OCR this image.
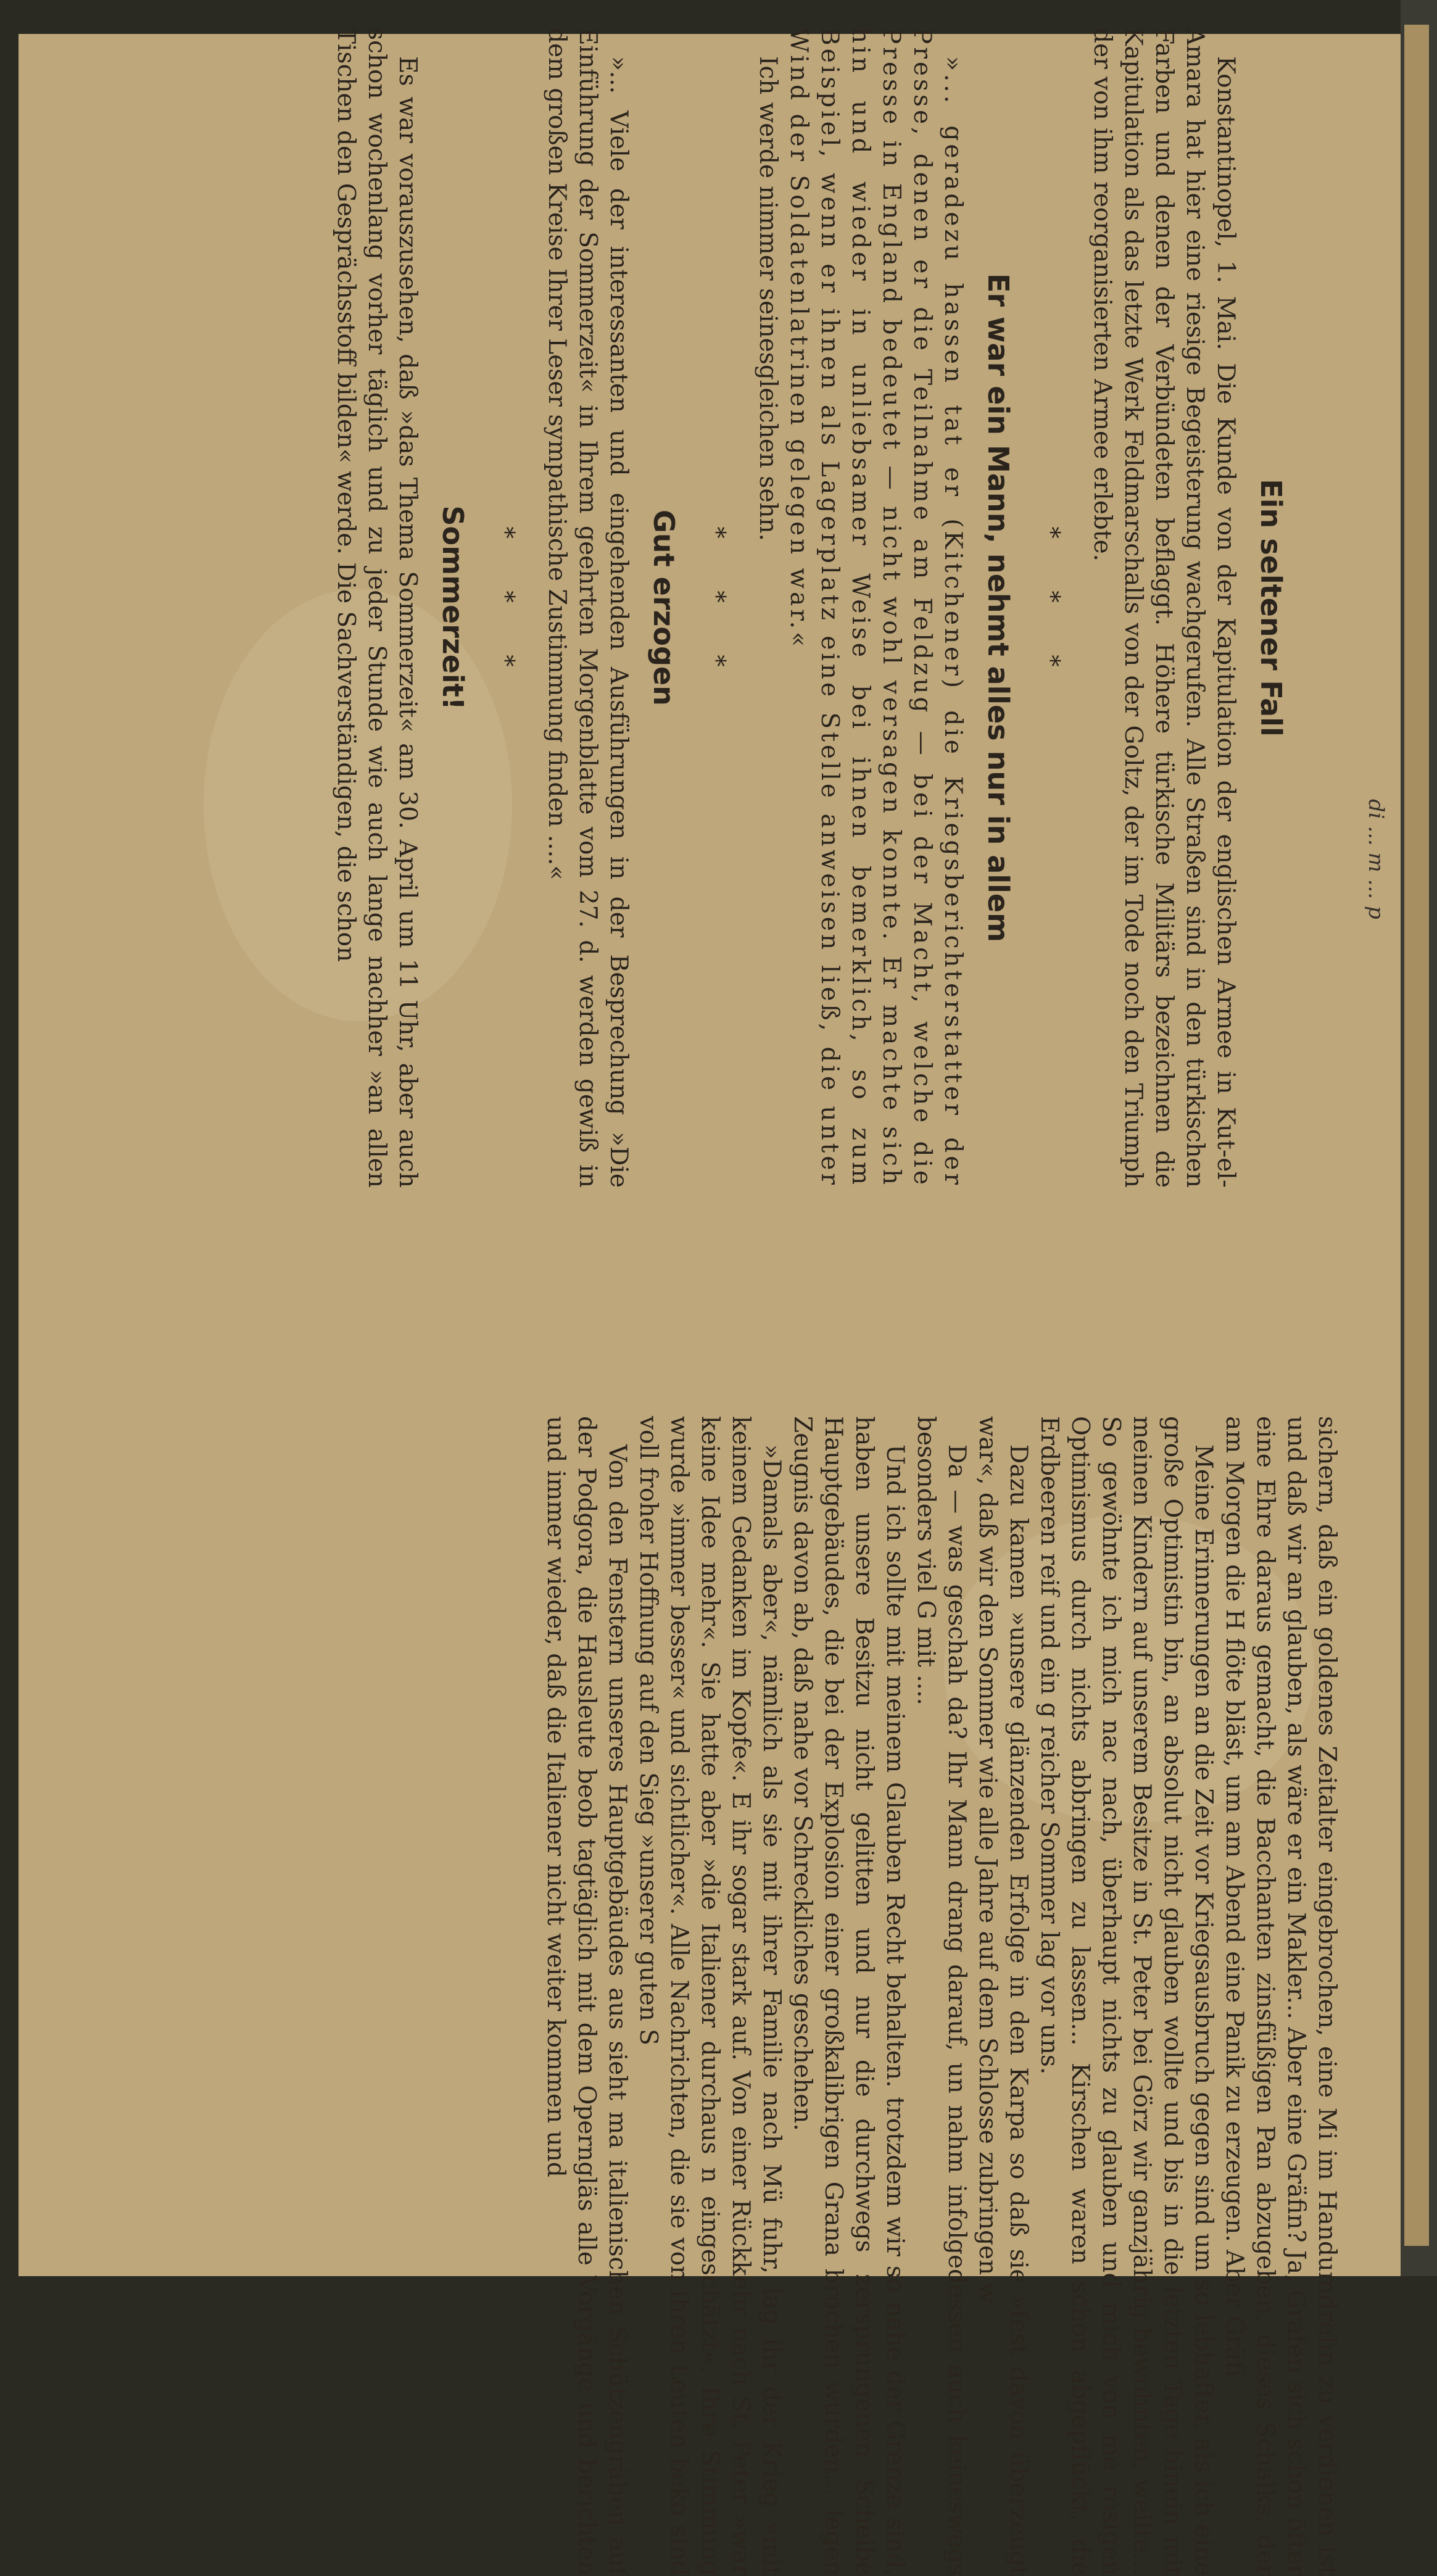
Ein seltener Fall

Konstantinopel, 1. Mai. Die Kunde von der Kapitulation der englischen Armee in Kut-el-Amara hat hier eine riesige Begeisterung wachgerufen. Alle Straßen sind in den türkischen Farben und denen der Verbündeten beflaggt. Höhere türkische Militärs bezeichnen die Kapitulation als das letzte Werk Feldmarschalls von der Goltz, der im Tode noch den Triumph der von ihm reorganisierten Armee erlebte.

* * *
Er war ein Mann, nehmt alles nur in allem

»... geradezu hassen tat er (Kitchener) die Kriegsberichterstatter der Presse, denen er die Teilnahme am Feldzug — bei der Macht, welche die Presse in England bedeutet — nicht wohl versagen konnte. Er machte sich hin und wieder in unliebsamer Weise bei ihnen bemerklich, so zum Beispiel, wenn er ihnen als Lagerplatz eine Stelle anweisen ließ, die unter Wind der Soldatenlatrinen gelegen war.«

Ich werde nimmer seinesgleichen sehn.

* * *
Gut erzogen

»... Viele der interessanten und eingehenden Ausführungen in der Besprechung »Die Einführung der Sommerzeit« in Ihrem geehrten Morgenblatte vom 27. d. werden gewiß in dem großen Kreise Ihrer Leser sympathische Zustimmung finden ....«

* * *
Sommerzeit!

Es war vorauszusehen, daß »das Thema Sommerzeit« am 30. April um 11 Uhr, aber auch schon wochenlang vorher täglich und zu jeder Stunde wie auch lange nachher »an allen Tischen den Gesprächsstoff bilden« werde. Die Sachverständigen, die schon

sichern, daß ein goldenes Zeitalter eingebrochen, eine Mi im Handumdrehn zu verdienen ist und daß wir an glauben, als wäre er ein Makler... Aber eine Gräfin? Ja, Grafen sich schon öfter eine Ehre daraus gemacht, die Bacchanten zinsfüßigen Pan abzugeben, dieses Schalks, der am Morgen die H flöte bläst, um am Abend eine Panik zu erzeugen. Aber Gräfi

Meine Erinnerungen an die Zeit vor Kriegsausbruch gegen sind um so lebhafter, als ich eine große Optimistin bin, an absolut nicht glauben wollte und bis in die letzten Tage hinein mit meinen Kindern auf unserem Besitze in St. Peter bei Görz wir ganzjährig bewohnten, weilte... So gewöhnte ich mich nac nach, überhaupt nichts zu glauben und mich von me rosigen Optimismus durch nichts abbringen zu lassen... Kirschen waren schon abgepflückt, die Erdbeeren reif und ein g reicher Sommer lag vor uns.

Dazu kamen »unsere glänzenden Erfolge in den Karpa so daß sie »fest davon überzeugt war«, daß wir den Sommer wie alle Jahre auf dem Schlosse zubringen w

Da — was geschah da? Ihr Mann drang darauf, un nahm infolgedessen auch keineswegs besonders viel G mit ....

Und ich sollte mit meinem Glauben Recht behalten. trotzdem wir so nahe der Grenze sind, haben unsere Besitzu nicht gelitten und nur die durchwegs zersprungenen Scheibe Hauptgebäudes, die bei der Explosion einer großkalibrigen Grana brochen wurden... legen Zeugnis davon ab, daß nahe vor Schreckliches geschehen.

»Damals aber«, nämlich als sie mit ihrer Familie nach Mü fuhr, lag ihr der Krieg »mit keinem Gedanken im Kopfe«. E ihr sogar stark auf. Von einer Rückkehr nach St. Peter »war keine Idee mehr«. Sie hatte aber »die Italiener durchaus n eingeschätzt«. Ihre Stimmung wurde »immer besser« und sichtlicher«. Alle Nachrichten, die sie von ihren Leuten beko sind voll froher Hoffnung auf den Sieg »unserer guten S

Von den Fenstern unseres Hauptgebäudes aus sieht ma italienischen Schützengräben auf der Podgora, die Hausleute beob tagtäglich mit dem Operngläs alle Vorgänge und berichten und immer wieder, daß die Italiener nicht weiter kommen und

di ... m ... p
